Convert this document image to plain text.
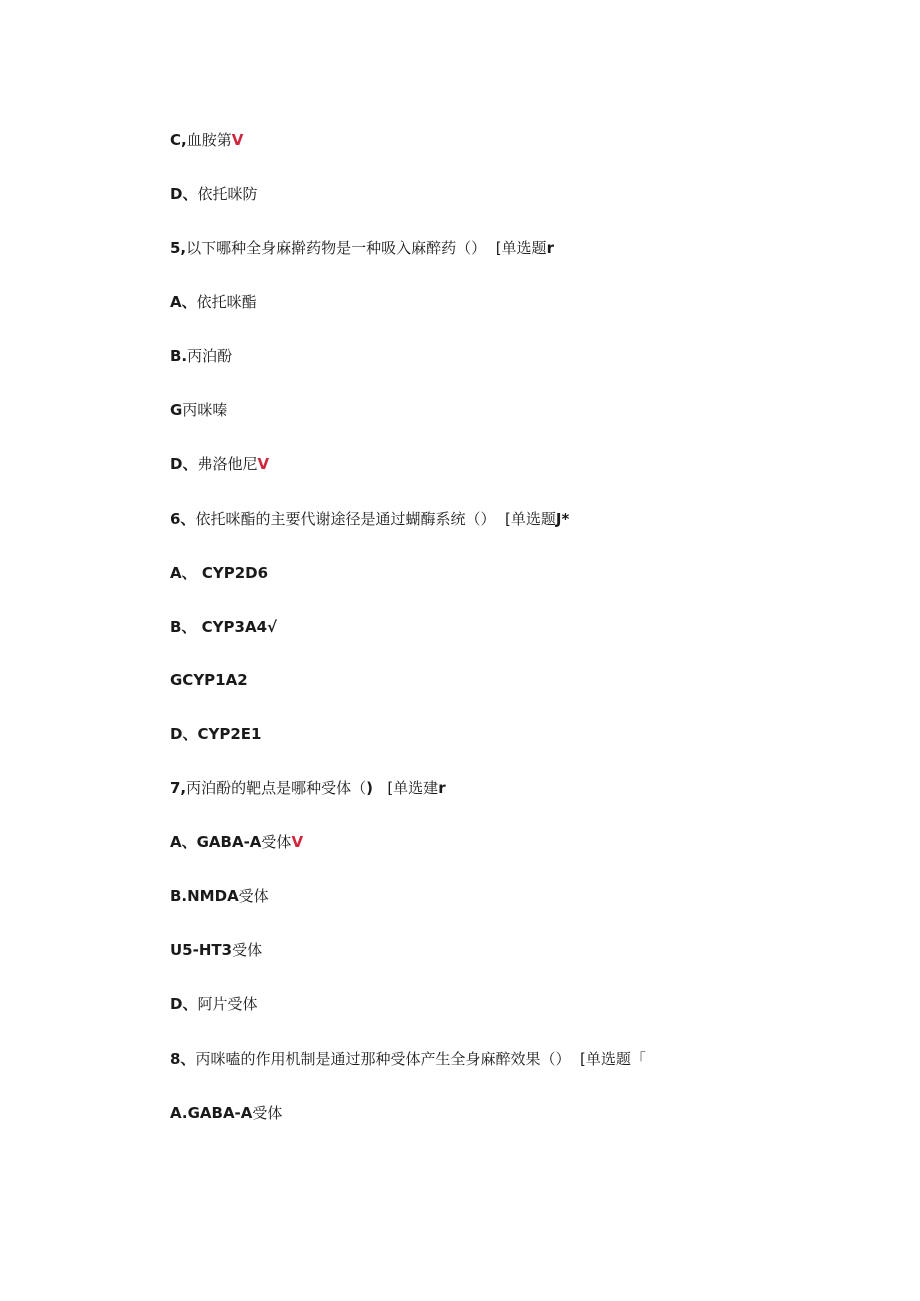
C,血胺第V
D、依托咪防
5,以下哪种全身麻擀药物是一种吸入麻醉药（） [单选题r
A、依托咪酯
B.丙泊酚
G丙咪嗪
D、弗洛他尼V
6、依托咪酯的主要代谢途径是通过蝴酶系统（） [单选题J*
A、 CYP2D6
B、 CYP3A4√
GCYP1A2
D、CYP2E1
7,丙泊酚的靶点是哪种受体（) [单选建r
A、GABA-A受体V
B.NMDA受体
U5-HT3受体
D、阿片受体
8、丙咪嗑的作用机制是通过那种受体产生全身麻醉效果（） [单选题「
A.GABA-A受体
